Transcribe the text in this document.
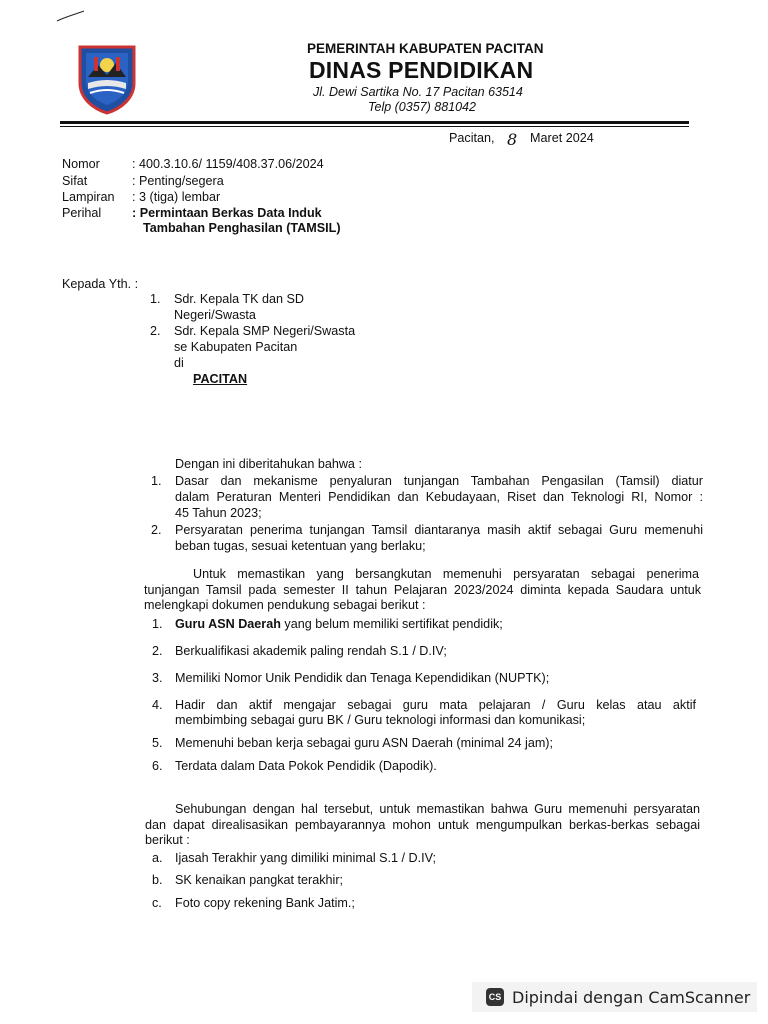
PEMERINTAH KABUPATEN PACITAN
DINAS PENDIDIKAN
Jl. Dewi Sartika No. 17 Pacitan 63514
Telp (0357) 881042
Pacitan, 8 Maret 2024
Nomor	: 400.3.10.6/ 1159/408.37.06/2024
Sifat	: Penting/segera
Lampiran : 3 (tiga) lembar
Perihal : Permintaan Berkas Data Induk
Tambahan Penghasilan (TAMSIL)
Kepada Yth. :
1. Sdr. Kepala TK dan SD
Negeri/Swasta
2. Sdr. Kepala SMP Negeri/Swasta
se Kabupaten Pacitan
di
PACITAN
Dengan ini diberitahukan bahwa :
1. Dasar dan mekanisme penyaluran tunjangan Tambahan Pengasilan (Tamsil) diatur
dalam Peraturan Menteri Pendidikan dan Kebudayaan, Riset dan Teknologi RI, Nomor :
45 Tahun 2023;
2. Persyaratan penerima tunjangan Tamsil diantaranya masih aktif sebagai Guru memenuhi
beban tugas, sesuai ketentuan yang berlaku;
Untuk memastikan yang bersangkutan memenuhi persyaratan sebagai penerima
tunjangan Tamsil pada semester II tahun Pelajaran 2023/2024 diminta kepada Saudara untuk
melengkapi dokumen pendukung sebagai berikut :
1. Guru ASN Daerah yang belum memiliki sertifikat pendidik;
2. Berkualifikasi akademik paling rendah S.1 / D.IV;
3. Memiliki Nomor Unik Pendidik dan Tenaga Kependidikan (NUPTK);
4. Hadir dan aktif mengajar sebagai guru mata pelajaran / Guru kelas atau aktif
membimbing sebagai guru BK / Guru teknologi informasi dan komunikasi;
5. Memenuhi beban kerja sebagai guru ASN Daerah (minimal 24 jam);
6. Terdata dalam Data Pokok Pendidik (Dapodik).
Sehubungan dengan hal tersebut, untuk memastikan bahwa Guru memenuhi persyaratan
dan dapat direalisasikan pembayarannya mohon untuk mengumpulkan berkas-berkas sebagai
berikut :
a. Ijasah Terakhir yang dimiliki minimal S.1 / D.IV;
b. SK kenaikan pangkat terakhir;
c. Foto copy rekening Bank Jatim.;
CS Dipindai dengan CamScanner
